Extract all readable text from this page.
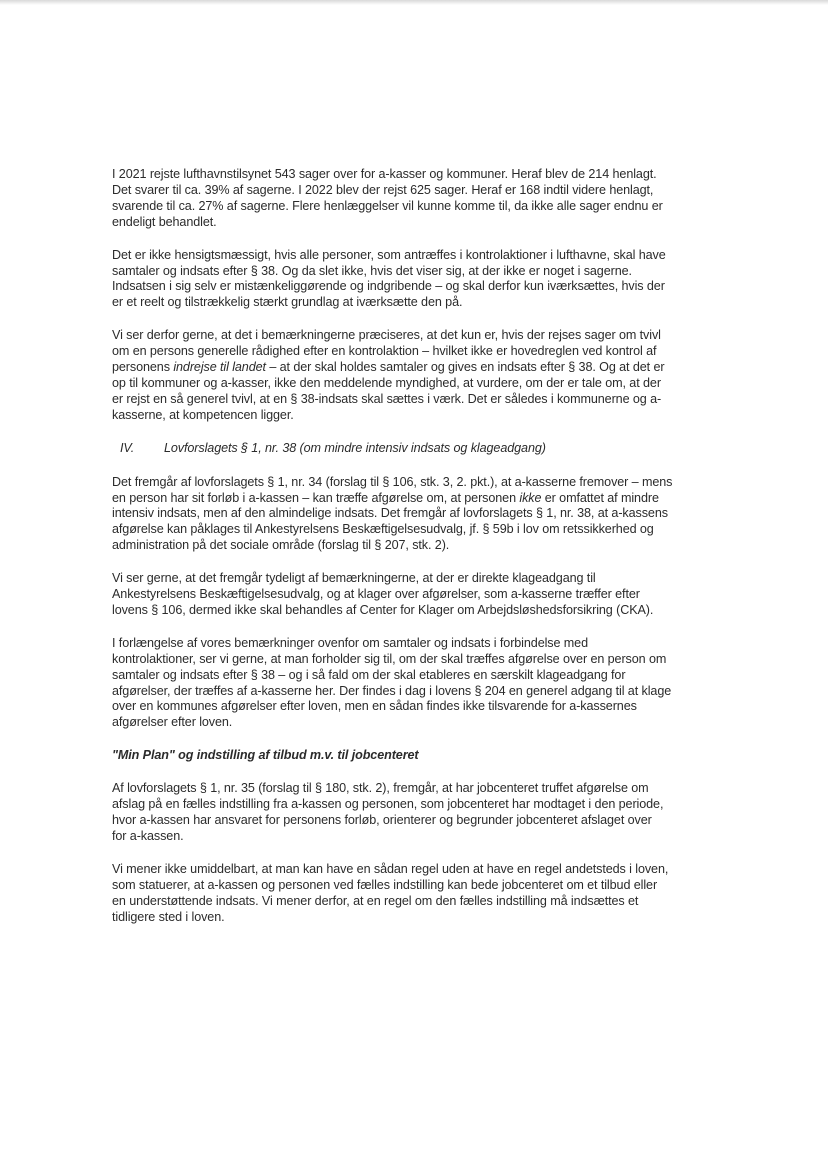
I 2021 rejste lufthavnstilsynet 543 sager over for a-kasser og kommuner. Heraf blev de 214 henlagt.
Det svarer til ca. 39% af sagerne. I 2022 blev der rejst 625 sager. Heraf er 168 indtil videre henlagt,
svarende til ca. 27% af sagerne. Flere henlæggelser vil kunne komme til, da ikke alle sager endnu er
endeligt behandlet.
Det er ikke hensigtsmæssigt, hvis alle personer, som antræffes i kontrolaktioner i lufthavne, skal have
samtaler og indsats efter § 38. Og da slet ikke, hvis det viser sig, at der ikke er noget i sagerne.
Indsatsen i sig selv er mistænkeliggørende og indgribende – og skal derfor kun iværksættes, hvis der
er et reelt og tilstrækkelig stærkt grundlag at iværksætte den på.
Vi ser derfor gerne, at det i bemærkningerne præciseres, at det kun er, hvis der rejses sager om tvivl
om en persons generelle rådighed efter en kontrolaktion – hvilket ikke er hovedreglen ved kontrol af
personens indrejse til landet – at der skal holdes samtaler og gives en indsats efter § 38. Og at det er
op til kommuner og a-kasser, ikke den meddelende myndighed, at vurdere, om der er tale om, at der
er rejst en så generel tvivl, at en § 38-indsats skal sættes i værk. Det er således i kommunerne og a-
kasserne, at kompetencen ligger.
IV.	Lovforslagets § 1, nr. 38 (om mindre intensiv indsats og klageadgang)
Det fremgår af lovforslagets § 1, nr. 34 (forslag til § 106, stk. 3, 2. pkt.), at a-kasserne fremover – mens
en person har sit forløb i a-kassen – kan træffe afgørelse om, at personen ikke er omfattet af mindre
intensiv indsats, men af den almindelige indsats. Det fremgår af lovforslagets § 1, nr. 38, at a-kassens
afgørelse kan påklages til Ankestyrelsens Beskæftigelsesudvalg, jf. § 59b i lov om retssikkerhed og
administration på det sociale område (forslag til § 207, stk. 2).
Vi ser gerne, at det fremgår tydeligt af bemærkningerne, at der er direkte klageadgang til
Ankestyrelsens Beskæftigelsesudvalg, og at klager over afgørelser, som a-kasserne træffer efter
lovens § 106, dermed ikke skal behandles af Center for Klager om Arbejdsløshedsforsikring (CKA).
I forlængelse af vores bemærkninger ovenfor om samtaler og indsats i forbindelse med
kontrolaktioner, ser vi gerne, at man forholder sig til, om der skal træffes afgørelse over en person om
samtaler og indsats efter § 38 – og i så fald om der skal etableres en særskilt klageadgang for
afgørelser, der træffes af a-kasserne her. Der findes i dag i lovens § 204 en generel adgang til at klage
over en kommunes afgørelser efter loven, men en sådan findes ikke tilsvarende for a-kassernes
afgørelser efter loven.
"Min Plan" og indstilling af tilbud m.v. til jobcenteret
Af lovforslagets § 1, nr. 35 (forslag til § 180, stk. 2), fremgår, at har jobcenteret truffet afgørelse om
afslag på en fælles indstilling fra a-kassen og personen, som jobcenteret har modtaget i den periode,
hvor a-kassen har ansvaret for personens forløb, orienterer og begrunder jobcenteret afslaget over
for a-kassen.
Vi mener ikke umiddelbart, at man kan have en sådan regel uden at have en regel andetsteds i loven,
som statuerer, at a-kassen og personen ved fælles indstilling kan bede jobcenteret om et tilbud eller
en understøttende indsats. Vi mener derfor, at en regel om den fælles indstilling må indsættes et
tidligere sted i loven.
